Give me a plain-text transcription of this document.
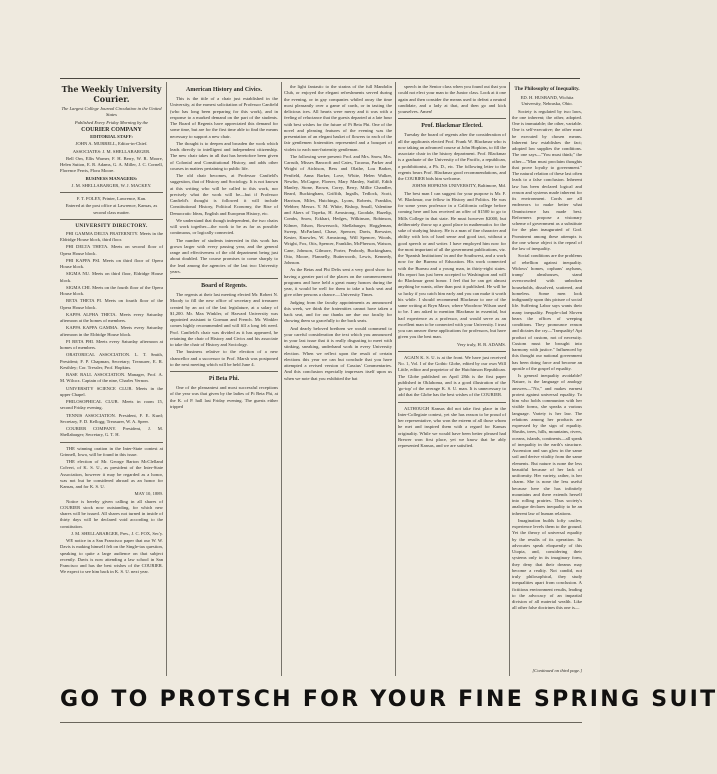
The Weekly University Courier.

The Largest College Journal Circulation in the United States

Published Every Friday Morning by the

COURIER COMPANY

EDITORIAL STAFF:

JOHN A. MURRELL, Editor-in-Chief.

ASSOCIATES: J. M. SHELLABARGER.

Bell Orn, Ellis Warner, F. H. Berry, W. R. Moore, Helen Sutton, E. R. Adams, G. A. Miller, J. C. Cornell, Florence Ferris, Flora Moore.

BUSINESS MANAGERS:

J. M. SHELLABARGER, W. J. MACKEY.

F. T. FOLEY, Printer, Lawrence, Kan.

Entered at the post office at Lawrence, Kansas, as second class matter.

UNIVERSITY DIRECTORY.

PHI GAMMA DELTA FRATERNITY. Meets in the Eldridge House block, third floor.

PHI DELTA THETA. Meets on second floor of Opera House block.

PHI KAPPA PSI. Meets on third floor of Opera House block.

SIGMA NU. Meets on third floor, Eldridge House block.

SIGMA CHI. Meets on the fourth floor of the Opera House block.

BETA THETA PI. Meets on fourth floor of the Opera House block.

KAPPA ALPHA THETA. Meets every Saturday afternoon at the homes of members.

KAPPA KAPPA GAMMA. Meets every Saturday afternoon in the Eldridge House block.

PI BETA PHI. Meets every Saturday afternoon at homes of members.

ORATORICAL ASSOCIATION. L. T. Smith, President; F. P. Chapman, Secretary; Treasurer, E. R. Kesthley; Cor. Tressler, Prof. Hopkins.

BASE BALL ASSOCIATION. Manager, Prof. A. M. Wilcox. Captain of the nine, Charles Vernon.

UNIVERSITY SCIENCE CLUB. Meets in the upper Chapel.

PHILOSOPHICAL CLUB. Meets in room 15, second Friday evening.

TENNIS ASSOCIATION. President, F. E. Kurd; Secretary, F. D. Kellogg; Treasurer, W. A. Speer.

COURIER COMPANY. President, J. M. Shellabarger; Secretary, G. T. H.

THE winning oration in the Inter-State contest at Grinnell, Iowa, will be found in this issue.

THE election of Mr. George Barton McClelland Colvert, of K. S. U., as president of the Inter-State Association, however it may be regarded as a honor, was not but be considered abroad as an honor for Kansas, and for K. S. U.

MAY 10, 1889.

Notice is hereby given calling in all shares of COURIER stock now outstanding, for which new shares will be issued. All shares not turned in inside of thirty days will be declared void according to the constitution.

J. M. SHELLABARGER, Pres., J. C. FOX, Sec'y.

WE notice in a San Francisco paper that our W. W. Davis is making himself felt on the Single-tax question, speaking to quite a large audience on that subject recently. Davis is now attending a law school in San Francisco and has the best wishes of the COURIER. We expect to see him back in K. S. U. next year.

American History and Civics.

This is the title of a chair just established in the University, at the earnest solicitation of Professor Canfield (who has long been preparing for this work), and in response to a marked demand on the part of the students. The Board of Regents have appreciated this demand for some time, but are for the first time able to find the means necessary to support a new chair.

The thought is to deepen and broaden the work which leads directly to intelligent and independent citizenship. The new chair takes in all that has heretofore been given of Colonial and Constitutional History, and adds other courses in matters pertaining to public life.

The old chair becomes, at Professor Canfield's suggestion, that of History and Sociology. It is not known at this writing who will be called to this work, nor precisely what the work will be—but if Professor Canfield's thought is followed it will include Constitutional History, Political Economy, the Rise of Democratic Ideas, English and European History, etc.

We understand that though independent, the two chairs will work together—the work to be as far as possible continuous, or logically connected.

The number of students interested in this work has grown larger with every passing year, and the general range and effectiveness of the old department being just about doubled. The course promises to come sharply to the lead among the agencies of the last two University years.

Board of Regents.

The regents at their last meeting elected Mr. Robert N. Moody to fill the new office of secretary and treasurer created by an act of the last legislature, at a salary of $1,200. Mr. Max Winkler, of Harvard University was appointed assistant to Gorman and French. Mr. Winkler comes highly recommended and will fill a long felt need. Prof. Canfield's chair was divided as it has appeared, he retaining the chair of History and Civics and his associate to take the chair of History and Sociology.

The business relative to the election of a new chancellor and a successor to Prof. Marsh was postponed to the next meeting which will be held June 4.

Pi Beta Phi.

One of the pleasantest and most successful receptions of the year was that given by the ladies of Pi Beta Phi, at the K. of P. hall last Friday evening. The guests either tripped

the light fantastic to the strains of the full Mandolin Club, or enjoyed the elegant refreshments served during the evening, or in gay companies whiled away the time most pleasantly over a game of cards, or in tasting the delicious ices. All hearts were merry and it was with a feeling of reluctance that the guests departed at a late hour with best wishes for the future of Pi Beta Phi. One of the novel and pleasing features of the evening was the presentation of an elegant basket of flowers to each of the fair gentlemen fraternities represented and a bouquet of violets to each non-fraternity gentleman.

The following were present: Prof. and Mrs. Snow, Mrs. Carruth, Misses Bancroft and Cates, Tacoma, Parker and Wright of Atchison, Bess and Olathe, Lou Barker, Penfield, Anna Barker, Love, White, Helen Walker, Newlin, McCagne, Floerer, Mary Manley, Sutliff, Edith Manley, Stone, Brown, Corey, Berry, Millie Chandler, Beard, Buckingham, Griffith, Ingalls, Tedlock, Scott, Harrison, Miles, Hutchings, Lyons, Roberts, Franklin, Webber; Messrs. Y. M. White, Bishop, Small, Valentine and Akers of Topeka, H. Armstrong, Goodale, Hazelip, Combs, Snow, Eckhart, Hedges, Wilkinson, Robinson, Kilmer, Edson, Bowersock, Shellabarger, Hoggleman, Sweep, McFarland, Chase, Spencer, Davis, Brewster, Kester, Knowles, W. Armstrong, Will Spencer, Woods, Wright, Fox, Otis, Spencer, Franklin, McPherson, Watson, Cane, Johnson, Gilmore, Porter, Peabody, Buckingham, Otto, Moore, Flannelly, Butterworth, Lewis, Kennedy, Johnson.

As the Betas and Phi Delts sent a very good show for having a greater part of the places on the commencement programs and have held a great many honors during the year, it would be well for them to take a back seat and give other persons a chance.—University Times.

Judging from the faculty appointments as announced this week, we think the fraternities cannot have taken a back seat, and for our thanks are due our faculty for showing them so gracefully to the back seats.

And dearly beloved brethren we would commend to your careful consideration the text which you announced in your last issue that it is really disgusting to meet with stinking, sneaking, underhand work in every University election. When we reflect upon the result of certain elections this year we can but conclude that you have attempted a revised version of Cassius' Commentaries. And this conclusion especially impresses itself upon us when we note that you exhibited the bat

speech in the Senior class when you found out that you could not elect your man to the Junior class. Look at it one again and then consider the means used to defeat a neutral candidate, and a lady at that, and then go and kick yourselves. Amen!

Prof. Blackmar Elected.

Tuesday the board of regents after the consideration of all the applicants elected Prof. Frank W. Blackmar who is now taking an advanced course at John Hopkins, to fill the associate chair in the history department. Prof. Blackmar is a graduate of the University of the Pacific, a republican, a prohibitionist, a Ph. D., etc. The following letter to the regents bears Prof. Blackmar good recommendations, and the COURIER bids him welcome.

JOHNS HOPKINS UNIVERSITY, Baltimore, Md.

The best man I can suggest for your purpose is Mr. F. W. Blackmar, our fellow in History and Politics. He was for some years professor in a California college before coming here and has received an offer of $1500 to go to Mills College in that state. He must however $2000, but deliberately throw up a good place in mathematics for the sake of studying history. He is a man of fine character and ability with lots of hard sense and good tact, without a good speech or and writer. I have employed him now for the most important of all the government publications, viz. the 'Spanish Institutions' in and the Southwest, and a work now for the Bureau of Education. His work connected with the Bureau and a young man, in thirty-eight states. His report has just been accepted to Washington and will do Blackmar great honor. I feel that he can get almost anything he wants, other than post it published. He will be so lucky if you catch him early and you can make it worth his while. I should recommend Blackmar to one of the same writing at Bryn Mawr, where Woodrow Wilson used to be. I am asked to mention Blackmar in essential, but had experience as a professor, and would serve as an excellent man to be connected with your University. I trust you can answer these applications for professors, but have given you the best man.

Very truly, H. B. ADAMS.

AGAIN K. S. U. is at the front. We have just received No. 1, Vol. I of the Gothic Globe, edited by our own Will Little, editor and proprietor of the Hutchinson Republican. The Globe published on April 28th is the first paper published in Oklahoma, and is a good illustration of the 'go-top' of the average K. S. U. man. It is unnecessary to add that the Globe has the best wishes of the COURIER.

ALTHOUGH Kansas did not take first place in the Inter-Collegiate contest, yet she has reason to be proud of her representative, who won the esteem of all those whom he met and inspired them with a regard for Kansas originality. While we would have been better pleased had Brewer won first place, yet we know that he ably represented Kansas, and we are satisfied.

The Philosophy of Inequality.

ED. H. HUSBAND, Wichita University, Nebraska, Ohio.

Society is regulated by two laws, the one inherent; the other, adopted. One is immutable; the other, variable. One is self-executive; the other must be executed by chosen means. Inherent law establishes the fact; adopted law supplies the conditions. The one says—"You must think;" the other—"Man must proclaim thoughts that prove loyalty to government." The natural relation of these last often leads to a false conclusion. Inherent law has been declared logical and reason and systems made inherent for its environment. Cords are all endeavors to make better what Omniscience has made best. Reformers propose a visionary scheme of government as a substitute for the plan inaugurated of God. Prominent among these attempts is the one whose object is the repeal of the law of inequality.

Social conditions are the problems of rebellion against inequality. Widows' homes, orphans' asylums, tramp' almshouses, stand overcrowded with unbroken households, dissolved, scattered, and homeless. Some men look indignantly upon this picture of social life. Suffering Labor says wants their many inequality. People-clad Sloven bears the offices of weeping conditions. They pronounce reason and dictates the cry—"Inequality! Apt product of custom, not of necessity. Custom must be brought into harmony with justice." Influenced by this thought our national government has been doing farce and become an apostle of the gospel of equality.

Is general inequality avoidable? Nature, is the language of analogy answers—"No," and makes earnest protest against universal equality. To him who holds communion with her visible forms, she speaks a various language. Variety is her law. The relations among her products are expressed by the sign of equality. Shrubs, trees, hills, mountains, rivers, oceans, islands, continents—all speak of inequality in the earth's structure. Ascension and sun glow in the same soil and derive vitality from the same elements. But nature is none the less beautiful because of her lack of uniformity. Her variety, rather, is her charm. She is none the less useful because here she has infinitely mountains and there extends herself into rolling prairies. Thus society's analogue declares inequality to be an inherent law of human relations.

Imagination builds lofty castles; experience levels them to the ground. Yet the theory of universal equality by the results of its operation. Its advocates speak eloquently of this Utopia, and, considering their systems only in its imaginary form, they deny that their dreams may become a reality. Not candid, not truly philosophical, they study inequalities apart from conclusion. A fictitious environment results, leading to the advocacy of an impartial division of all material wealth. Like all other false doctrines this one is—

[Continued on third page.]
GO TO PROTSCH FOR YOUR FINE SPRING SUIT
